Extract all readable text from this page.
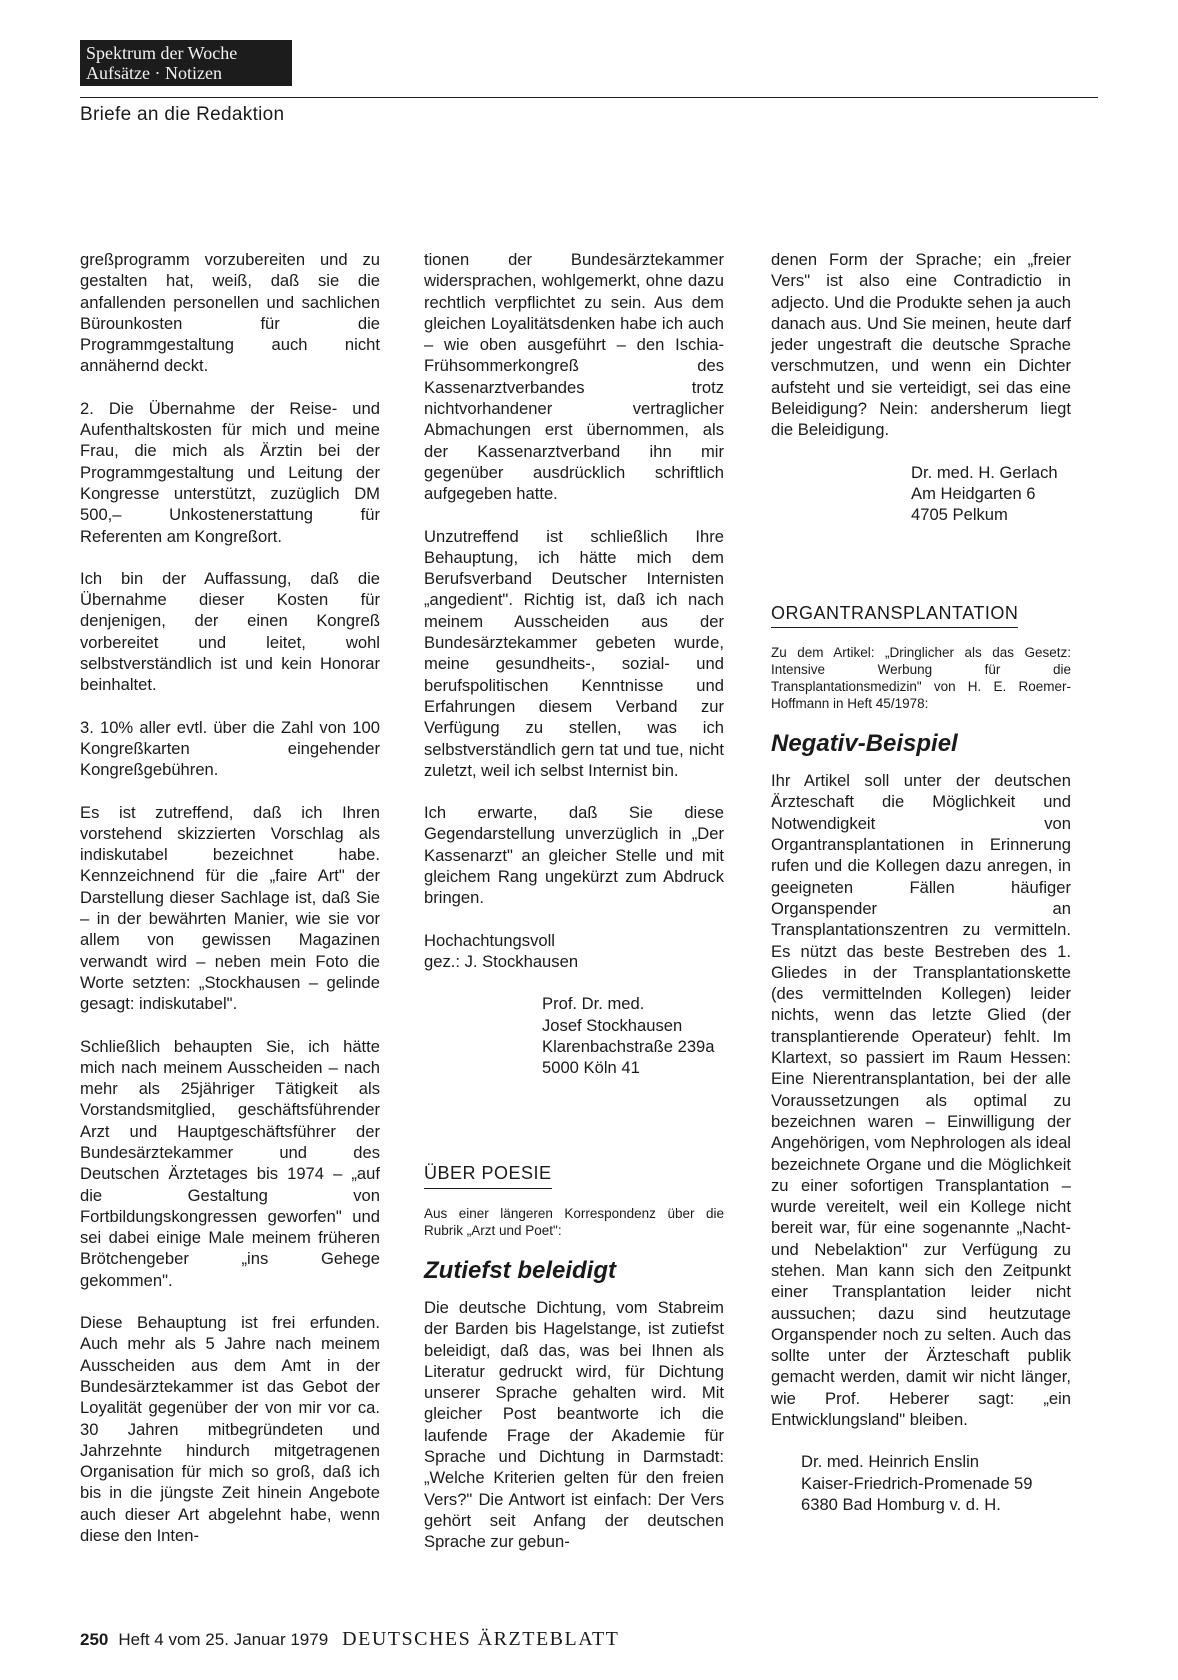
Spektrum der Woche
Aufsätze · Notizen
Briefe an die Redaktion

greßprogramm vorzubereiten und zu gestalten hat, weiß, daß sie die anfallenden personellen und sachlichen Bürounkosten für die Programmgestaltung auch nicht annähernd deckt.

2. Die Übernahme der Reise- und Aufenthaltskosten für mich und meine Frau, die mich als Ärztin bei der Programmgestaltung und Leitung der Kongresse unterstützt, zuzüglich DM 500,– Unkostenerstattung für Referenten am Kongreßort.

Ich bin der Auffassung, daß die Übernahme dieser Kosten für denjenigen, der einen Kongreß vorbereitet und leitet, wohl selbstverständlich ist und kein Honorar beinhaltet.

3. 10% aller evtl. über die Zahl von 100 Kongreßkarten eingehender Kongreßgebühren.

Es ist zutreffend, daß ich Ihren vorstehend skizzierten Vorschlag als indiskutabel bezeichnet habe. Kennzeichnend für die „faire Art" der Darstellung dieser Sachlage ist, daß Sie – in der bewährten Manier, wie sie vor allem von gewissen Magazinen verwandt wird – neben mein Foto die Worte setzten: „Stockhausen – gelinde gesagt: indiskutabel".

Schließlich behaupten Sie, ich hätte mich nach meinem Ausscheiden – nach mehr als 25jähriger Tätigkeit als Vorstandsmitglied, geschäftsführender Arzt und Hauptgeschäftsführer der Bundesärztekammer und des Deutschen Ärztetages bis 1974 – „auf die Gestaltung von Fortbildungskongressen geworfen" und sei dabei einige Male meinem früheren Brötchengeber „ins Gehege gekommen".

Diese Behauptung ist frei erfunden. Auch mehr als 5 Jahre nach meinem Ausscheiden aus dem Amt in der Bundesärztekammer ist das Gebot der Loyalität gegenüber der von mir vor ca. 30 Jahren mitbegründeten und Jahrzehnte hindurch mitgetragenen Organisation für mich so groß, daß ich bis in die jüngste Zeit hinein Angebote auch dieser Art abgelehnt habe, wenn diese den Inten-

tionen der Bundesärztekammer widersprachen, wohlgemerkt, ohne dazu rechtlich verpflichtet zu sein. Aus dem gleichen Loyalitätsdenken habe ich auch – wie oben ausgeführt – den Ischia-Frühsommerkongreß des Kassenarztverbandes trotz nichtvorhandener vertraglicher Abmachungen erst übernommen, als der Kassenarztverband ihn mir gegenüber ausdrücklich schriftlich aufgegeben hatte.

Unzutreffend ist schließlich Ihre Behauptung, ich hätte mich dem Berufsverband Deutscher Internisten „angedient". Richtig ist, daß ich nach meinem Ausscheiden aus der Bundesärztekammer gebeten wurde, meine gesundheits-, sozial- und berufspolitischen Kenntnisse und Erfahrungen diesem Verband zur Verfügung zu stellen, was ich selbstverständlich gern tat und tue, nicht zuletzt, weil ich selbst Internist bin.

Ich erwarte, daß Sie diese Gegendarstellung unverzüglich in „Der Kassenarzt" an gleicher Stelle und mit gleichem Rang ungekürzt zum Abdruck bringen.

Hochachtungsvoll
gez.: J. Stockhausen
Prof. Dr. med.
Josef Stockhausen
Klarenbachstraße 239a
5000 Köln 41
ÜBER POESIE

Aus einer längeren Korrespondenz über die Rubrik „Arzt und Poet":

Zutiefst beleidigt

Die deutsche Dichtung, vom Stabreim der Barden bis Hagelstange, ist zutiefst beleidigt, daß das, was bei Ihnen als Literatur gedruckt wird, für Dichtung unserer Sprache gehalten wird. Mit gleicher Post beantworte ich die laufende Frage der Akademie für Sprache und Dichtung in Darmstadt: „Welche Kriterien gelten für den freien Vers?" Die Antwort ist einfach: Der Vers gehört seit Anfang der deutschen Sprache zur gebun-

denen Form der Sprache; ein „freier Vers" ist also eine Contradictio in adjecto. Und die Produkte sehen ja auch danach aus. Und Sie meinen, heute darf jeder ungestraft die deutsche Sprache verschmutzen, und wenn ein Dichter aufsteht und sie verteidigt, sei das eine Beleidigung? Nein: andersherum liegt die Beleidigung.

Dr. med. H. Gerlach
Am Heidgarten 6
4705 Pelkum
ORGANTRANSPLANTATION

Zu dem Artikel: „Dringlicher als das Gesetz: Intensive Werbung für die Transplantationsmedizin" von H. E. Roemer-Hoffmann in Heft 45/1978:

Negativ-Beispiel

Ihr Artikel soll unter der deutschen Ärzteschaft die Möglichkeit und Notwendigkeit von Organtransplantationen in Erinnerung rufen und die Kollegen dazu anregen, in geeigneten Fällen häufiger Organspender an Transplantationszentren zu vermitteln. Es nützt das beste Bestreben des 1. Gliedes in der Transplantationskette (des vermittelnden Kollegen) leider nichts, wenn das letzte Glied (der transplantierende Operateur) fehlt. Im Klartext, so passiert im Raum Hessen: Eine Nierentransplantation, bei der alle Voraussetzungen als optimal zu bezeichnen waren – Einwilligung der Angehörigen, vom Nephrologen als ideal bezeichnete Organe und die Möglichkeit zu einer sofortigen Transplantation – wurde vereitelt, weil ein Kollege nicht bereit war, für eine sogenannte „Nacht- und Nebelaktion" zur Verfügung zu stehen. Man kann sich den Zeitpunkt einer Transplantation leider nicht aussuchen; dazu sind heutzutage Organspender noch zu selten. Auch das sollte unter der Ärzteschaft publik gemacht werden, damit wir nicht länger, wie Prof. Heberer sagt: „ein Entwicklungsland" bleiben.

Dr. med. Heinrich Enslin
Kaiser-Friedrich-Promenade 59
6380 Bad Homburg v. d. H.
250 Heft 4 vom 25. Januar 1979 DEUTSCHES ÄRZTEBLATT
